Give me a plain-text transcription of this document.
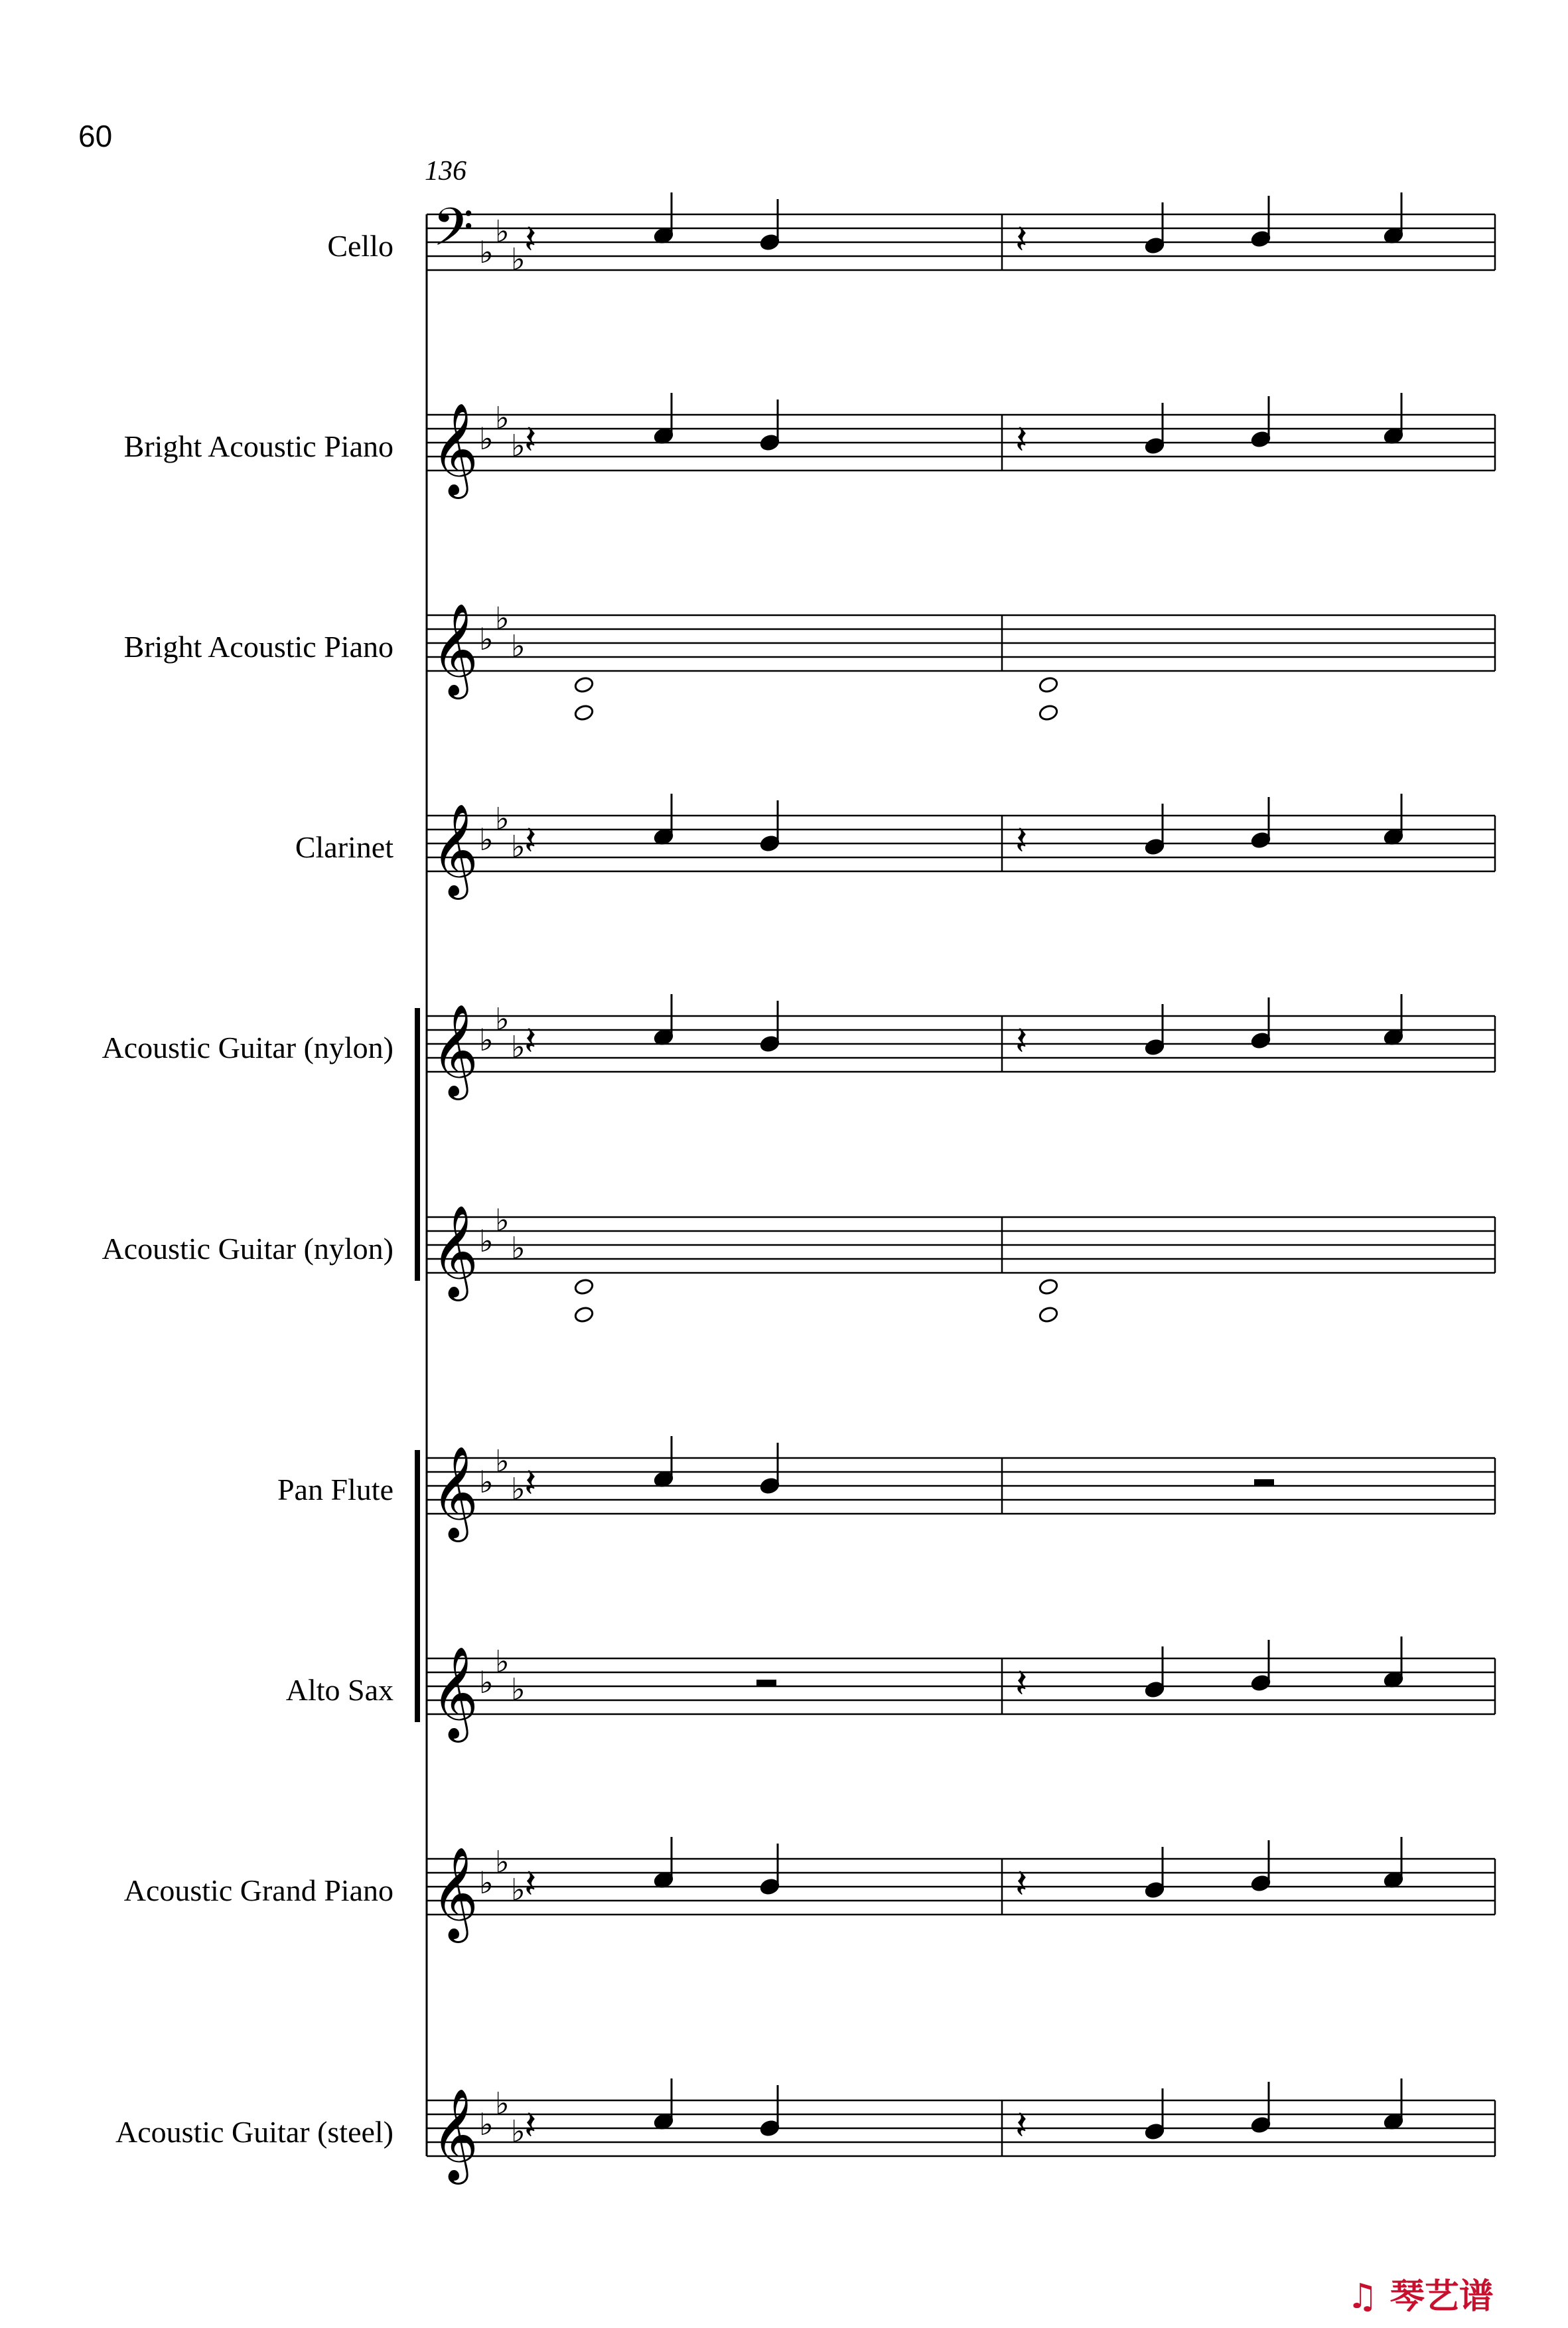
60
136
Cello
Bright Acoustic Piano
Bright Acoustic Piano
Clarinet
Acoustic Guitar (nylon)
Acoustic Guitar (nylon)
Pan Flute
Alto Sax
Acoustic Grand Piano
Acoustic Guitar (steel)
𝄢 ♭
♭
♭
𝄞 ♭
♭
♭
𝄞 ♭
♭
♭
𝄞 ♭
♭
♭
𝄞 ♭
♭
♭
𝄞 ♭
♭
♭
𝄞 ♭
♭
♭
𝄞 ♭
♭
♭
𝄞 ♭
♭
♭
𝄞 ♭
♭
♭
𝄽	𝄽
𝄽	𝄽
𝄽	𝄽
𝄽	𝄽
𝄽
𝄽
𝄽	𝄽
𝄽	𝄽
♫ 琴艺谱
